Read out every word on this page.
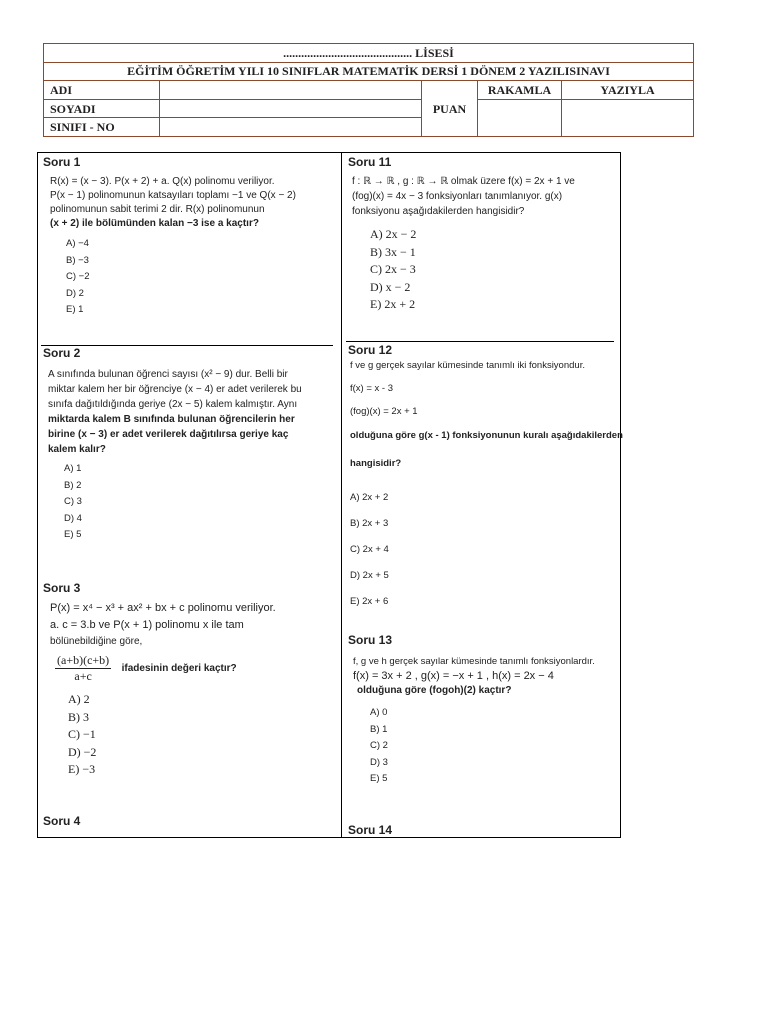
........................................... LİSESİ				
EĞİTİM ÖĞRETİM YILI 10 SINIFLAR MATEMATİK DERSİ 1 DÖNEM 2 YAZILISINAVI				
ADI		PUAN	RAKAMLA	YAZIYLA
SOYADI				
SINIFI - NO				
Soru 1
R(x) = (x − 3). P(x + 2) + a. Q(x) polinomu veriliyor.
P(x − 1) polinomunun katsayıları toplamı −1 ve Q(x − 2)
polinomunun sabit terimi 2 dir. R(x) polinomunun
(x + 2) ile bölümünden kalan −3 ise a kaçtır?
A) −4
B) −3
C) −2
D) 2
E) 1
Soru 2
A sınıfında bulunan öğrenci sayısı (x² − 9) dur. Belli bir
miktar kalem her bir öğrenciye (x − 4) er adet verilerek bu
sınıfa dağıtıldığında geriye (2x − 5) kalem kalmıştır. Aynı
miktarda kalem B sınıfında bulunan öğrencilerin her
birine (x − 3) er adet verilerek dağıtılırsa geriye kaç
kalem kalır?
A) 1
B) 2
C) 3
D) 4
E) 5
Soru 3
P(x) = x⁴ − x³ + ax² + bx + c polinomu veriliyor.
a. c = 3.b ve P(x + 1) polinomu x ile tam
bölünebildiğine göre,
$\frac{(a+b)(c+b)}{a+c}$ ifadesinin değeri kaçtır?
A) 2
B) 3
C) −1
D) −2
E) −3
Soru 4
Soru 11
f : ℝ → ℝ , g : ℝ → ℝ olmak üzere f(x) = 2x + 1 ve
(fog)(x) = 4x − 3 fonksiyonları tanımlanıyor. g(x)
fonksiyonu aşağıdakilerden hangisidir?
A) 2x − 2
B) 3x − 1
C) 2x − 3
D) x − 2
E) 2x + 2
Soru 12
f ve g gerçek sayılar kümesinde tanımlı iki fonksiyondur.
f(x) = x - 3
(fog)(x) = 2x + 1
olduğuna göre g(x - 1) fonksiyonunun kuralı aşağıdakilerden
hangisidir?
A) 2x + 2
B) 2x + 3
C) 2x + 4
D) 2x + 5
E) 2x + 6
Soru 13
f, g ve h gerçek sayılar kümesinde tanımlı fonksiyonlardır.
f(x) = 3x + 2 , g(x) = −x + 1 , h(x) = 2x − 4
olduğuna göre (fogoh)(2) kaçtır?
A) 0
B) 1
C) 2
D) 3
E) 5
Soru 14
